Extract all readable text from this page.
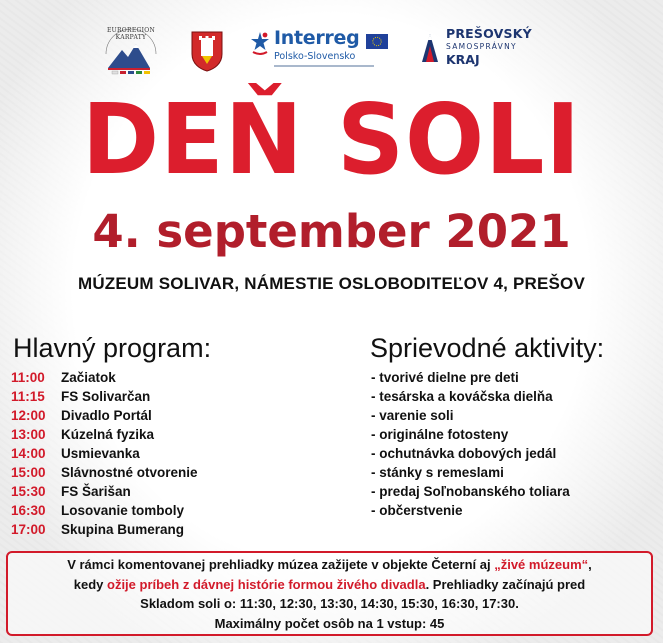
EUROREGION KARPATY	Interreg
Polsko-Slovensko
PREŠOVSKÝ
SAMOSPRÁVNY
KRAJ
DEŇ SOLI
4. september 2021
MÚZEUM SOLIVAR, NÁMESTIE OSLOBODITEĽOV 4, PREŠOV
Hlavný program:	Sprievodné aktivity:
11:00	Začiatok
11:15	FS Solivarčan
12:00	Divadlo Portál
13:00	Kúzelná fyzika
14:00	Usmievanka
15:00	Slávnostné otvorenie
15:30	FS Šarišan
16:30	Losovanie tomboly
17:00	Skupina Bumerang
- tvorivé dielne pre deti
- tesárska a kováčska dielňa
- varenie soli
- originálne fotosteny
- ochutnávka dobových jedál
- stánky s remeslami
- predaj Soľnobanského toliara
- občerstvenie
V rámci komentovanej prehliadky múzea zažijete v objekte Četerní aj „živé múzeum“,
kedy ožije príbeh z dávnej histórie formou živého divadla. Prehliadky začínajú pred
Skladom soli o: 11:30, 12:30, 13:30, 14:30, 15:30, 16:30, 17:30.
Maximálny počet osôb na 1 vstup: 45
